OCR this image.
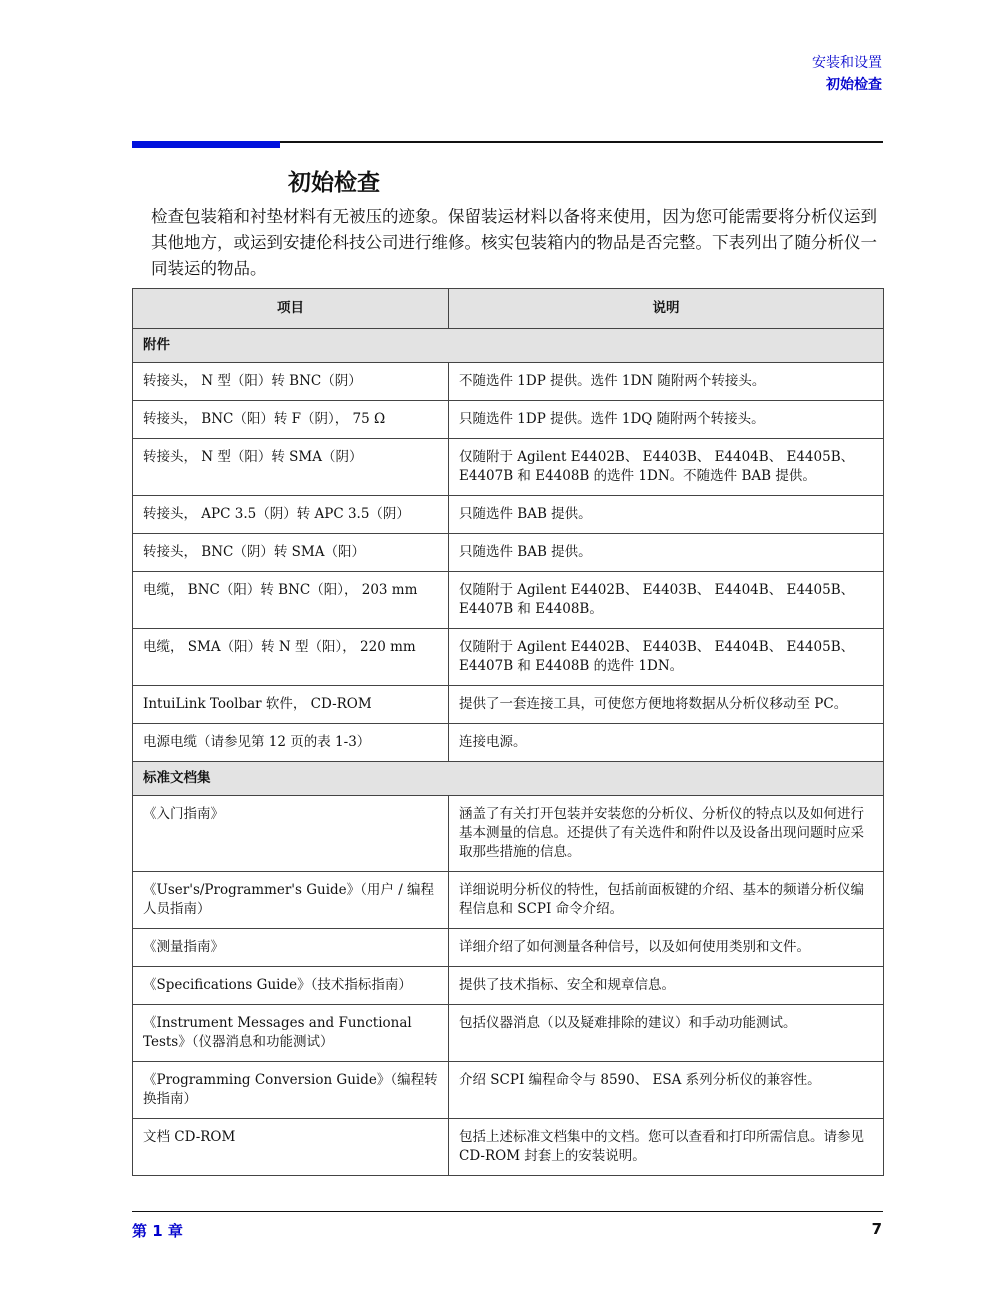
安装和设置
初始检查
初始检查

检查包装箱和衬垫材料有无被压的迹象。保留装运材料以备将来使用，因为您可能需要将分析仪运到其他地方，或运到安捷伦科技公司进行维修。核实包装箱内的物品是否完整。下表列出了随分析仪一同装运的物品。

项目	说明
附件	
转接头， N 型（阳）转 BNC（阴）	不随选件 1DP 提供。选件 1DN 随附两个转接头。
转接头， BNC（阳）转 F（阴）， 75 Ω	只随选件 1DP 提供。选件 1DQ 随附两个转接头。
转接头， N 型（阳）转 SMA（阴）	仅随附于 Agilent E4402B、 E4403B、 E4404B、 E4405B、E4407B 和 E4408B 的选件 1DN。不随选件 BAB 提供。
转接头， APC 3.5（阴）转 APC 3.5（阴）	只随选件 BAB 提供。
转接头， BNC（阴）转 SMA（阳）	只随选件 BAB 提供。
电缆， BNC（阳）转 BNC（阳）， 203 mm	仅随附于 Agilent E4402B、 E4403B、 E4404B、 E4405B、E4407B 和 E4408B。
电缆， SMA（阳）转 N 型（阳）， 220 mm	仅随附于 Agilent E4402B、 E4403B、 E4404B、 E4405B、E4407B 和 E4408B 的选件 1DN。
IntuiLink Toolbar 软件， CD-ROM	提供了一套连接工具，可使您方便地将数据从分析仪移动至 PC。
电源电缆（请参见第 12 页的表 1-3）	连接电源。
标准文档集	
《入门指南》	涵盖了有关打开包装并安装您的分析仪、分析仪的特点以及如何进行基本测量的信息。还提供了有关选件和附件以及设备出现问题时应采取那些措施的信息。
《User's/Programmer's Guide》（用户 / 编程人员指南）	详细说明分析仪的特性，包括前面板键的介绍、基本的频谱分析仪编程信息和 SCPI 命令介绍。
《测量指南》	详细介绍了如何测量各种信号，以及如何使用类别和文件。
《Specifications Guide》（技术指标指南）	提供了技术指标、安全和规章信息。
《Instrument Messages and Functional Tests》（仪器消息和功能测试）	包括仪器消息（以及疑难排除的建议）和手动功能测试。
《Programming Conversion Guide》（编程转换指南）	介绍 SCPI 编程命令与 8590、 ESA 系列分析仪的兼容性。
文档 CD-ROM	包括上述标准文档集中的文档。您可以查看和打印所需信息。请参见 CD-ROM 封套上的安装说明。
第 1 章	7
